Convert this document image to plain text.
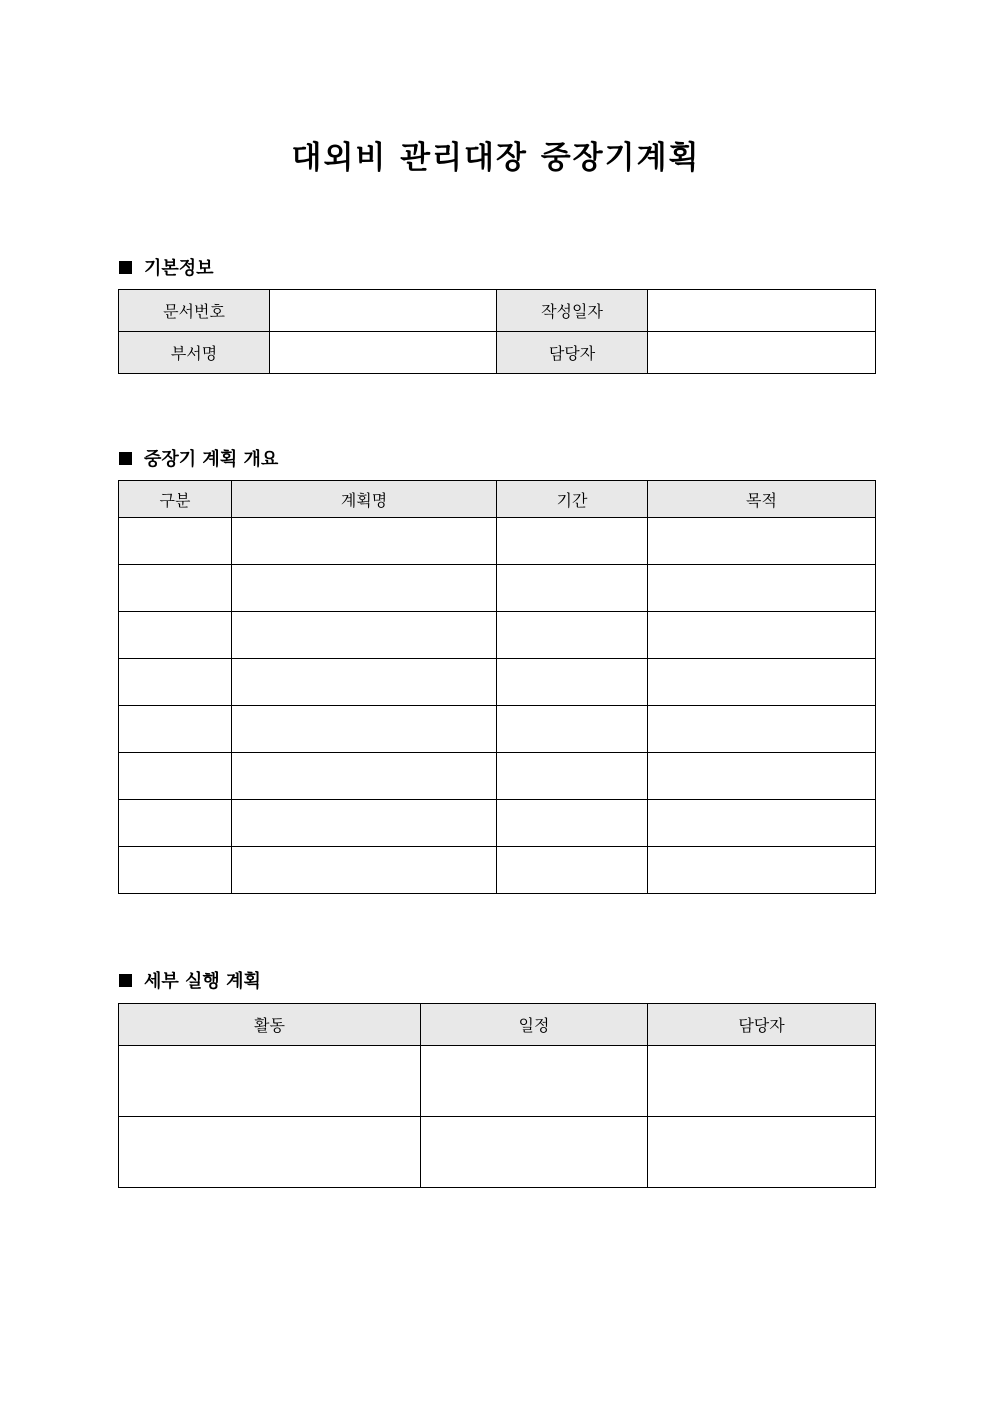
대외비 관리대장 중장기계획
기본정보
문서번호		작성일자	
부서명		담당자	
중장기 계획 개요
구분	계획명	기간	목적

세부 실행 계획
활동	일정	담당자
